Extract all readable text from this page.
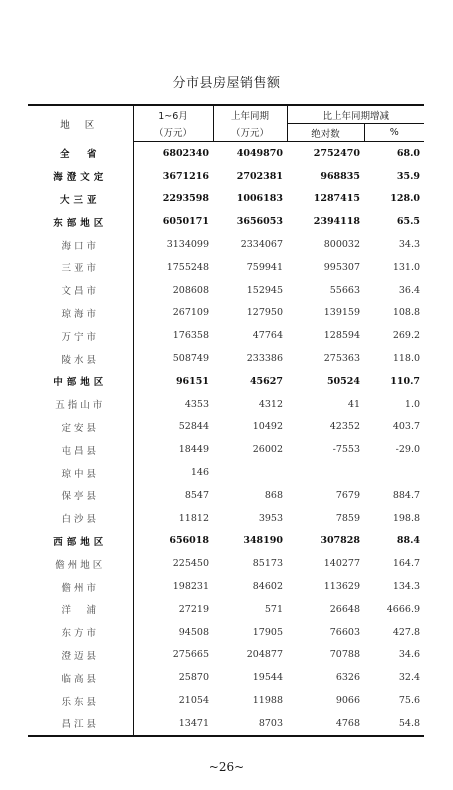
分市县房屋销售额
地 区	1~6月	上年同期	比上年同期增减	
	（万元）	（万元）	绝对数	%
全　省	6802340	4049870	2752470	68.0
海澄文定	3671216	2702381	968835	35.9
大三亚	2293598	1006183	1287415	128.0
东部地区	6050171	3656053	2394118	65.5
海口市	3134099	2334067	800032	34.3
三亚市	1755248	759941	995307	131.0
文昌市	208608	152945	55663	36.4
琼海市	267109	127950	139159	108.8
万宁市	176358	47764	128594	269.2
陵水县	508749	233386	275363	118.0
中部地区	96151	45627	50524	110.7
五指山市	4353	4312	41	1.0
定安县	52844	10492	42352	403.7
屯昌县	18449	26002	-7553	-29.0
琼中县	146			
保亭县	8547	868	7679	884.7
白沙县	11812	3953	7859	198.8
西部地区	656018	348190	307828	88.4
儋州地区	225450	85173	140277	164.7
儋州市	198231	84602	113629	134.3
洋　浦	27219	571	26648	4666.9
东方市	94508	17905	76603	427.8
澄迈县	275665	204877	70788	34.6
临高县	25870	19544	6326	32.4
乐东县	21054	11988	9066	75.6
昌江县	13471	8703	4768	54.8
~26~
